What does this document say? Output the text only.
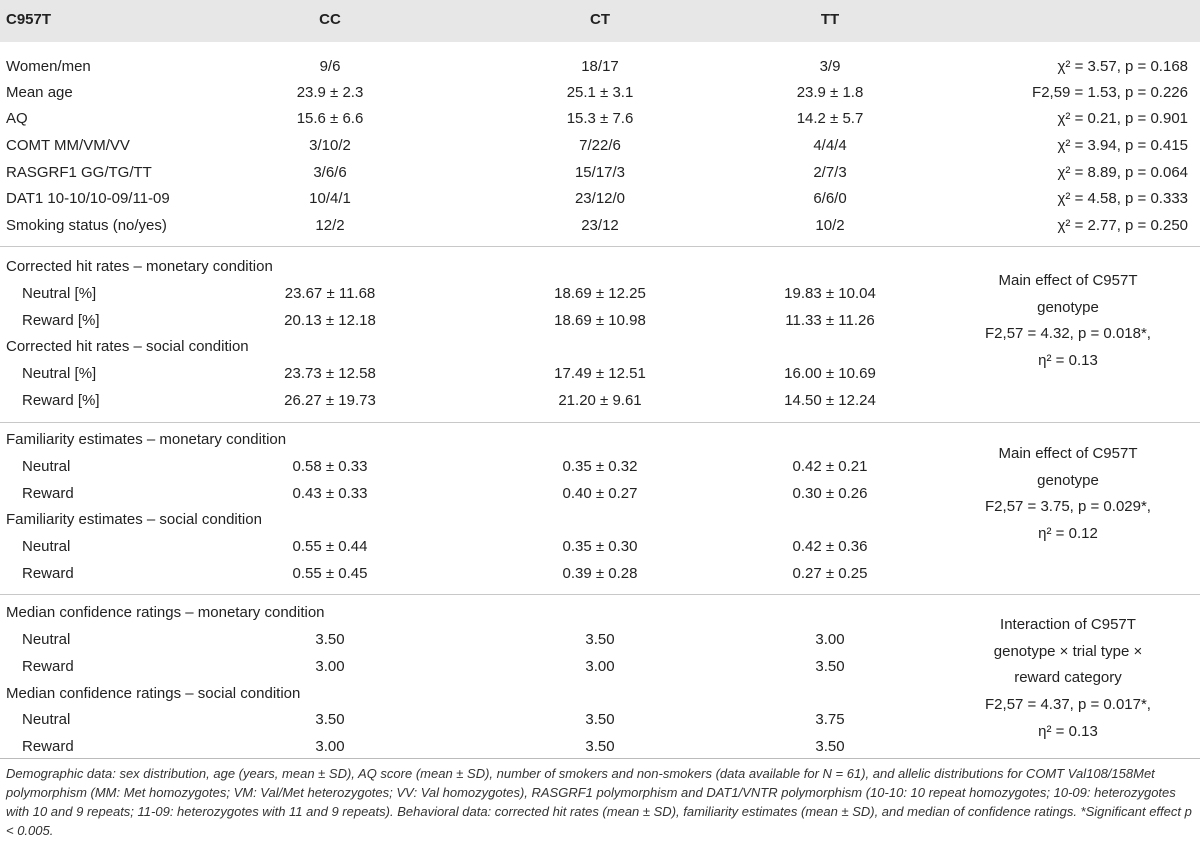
C957T	CC	CT	TT
Women/men	9/6	18/17	3/9	χ² = 3.57, p = 0.168
Mean age	23.9 ± 2.3	25.1 ± 3.1	23.9 ± 1.8	F2,59 = 1.53, p = 0.226
AQ	15.6 ± 6.6	15.3 ± 7.6	14.2 ± 5.7	χ² = 0.21, p = 0.901
COMT MM/VM/VV	3/10/2	7/22/6	4/4/4	χ² = 3.94, p = 0.415
RASGRF1 GG/TG/TT	3/6/6	15/17/3	2/7/3	χ² = 8.89, p = 0.064
DAT1 10-10/10-09/11-09	10/4/1	23/12/0	6/6/0	χ² = 4.58, p = 0.333
Smoking status (no/yes)	12/2	23/12	10/2	χ² = 2.77, p = 0.250
Corrected hit rates – monetary condition
Neutral [%]	23.67 ± 11.68	18.69 ± 12.25	19.83 ± 10.04
Reward [%]	20.13 ± 12.18	18.69 ± 10.98	11.33 ± 11.26
Corrected hit rates – social condition
Neutral [%]	23.73 ± 12.58	17.49 ± 12.51	16.00 ± 10.69
Reward [%]	26.27 ± 19.73	21.20 ± 9.61	14.50 ± 12.24
Main effect of C957T
genotype
F2,57 = 4.32, p = 0.018*,
η² = 0.13
Familiarity estimates – monetary condition
Neutral	0.58 ± 0.33	0.35 ± 0.32	0.42 ± 0.21
Reward	0.43 ± 0.33	0.40 ± 0.27	0.30 ± 0.26
Familiarity estimates – social condition
Neutral	0.55 ± 0.44	0.35 ± 0.30	0.42 ± 0.36
Reward	0.55 ± 0.45	0.39 ± 0.28	0.27 ± 0.25
Main effect of C957T
genotype
F2,57 = 3.75, p = 0.029*,
η² = 0.12
Median confidence ratings – monetary condition
Neutral	3.50	3.50	3.00
Reward	3.00	3.00	3.50
Median confidence ratings – social condition
Neutral	3.50	3.50	3.75
Reward	3.00	3.50	3.50
Interaction of C957T
genotype × trial type ×
reward category
F2,57 = 4.37, p = 0.017*,
η² = 0.13
Demographic data: sex distribution, age (years, mean ± SD), AQ score (mean ± SD), number of smokers and non-smokers (data available for N = 61), and allelic distributions for COMT Val108/158Met polymorphism (MM: Met homozygotes; VM: Val/Met heterozygotes; VV: Val homozygotes), RASGRF1 polymorphism and DAT1/VNTR polymorphism (10-10: 10 repeat homozygotes; 10-09: heterozygotes with 10 and 9 repeats; 11-09: heterozygotes with 11 and 9 repeats). Behavioral data: corrected hit rates (mean ± SD), familiarity estimates (mean ± SD), and median of confidence ratings. *Significant effect p < 0.005.
